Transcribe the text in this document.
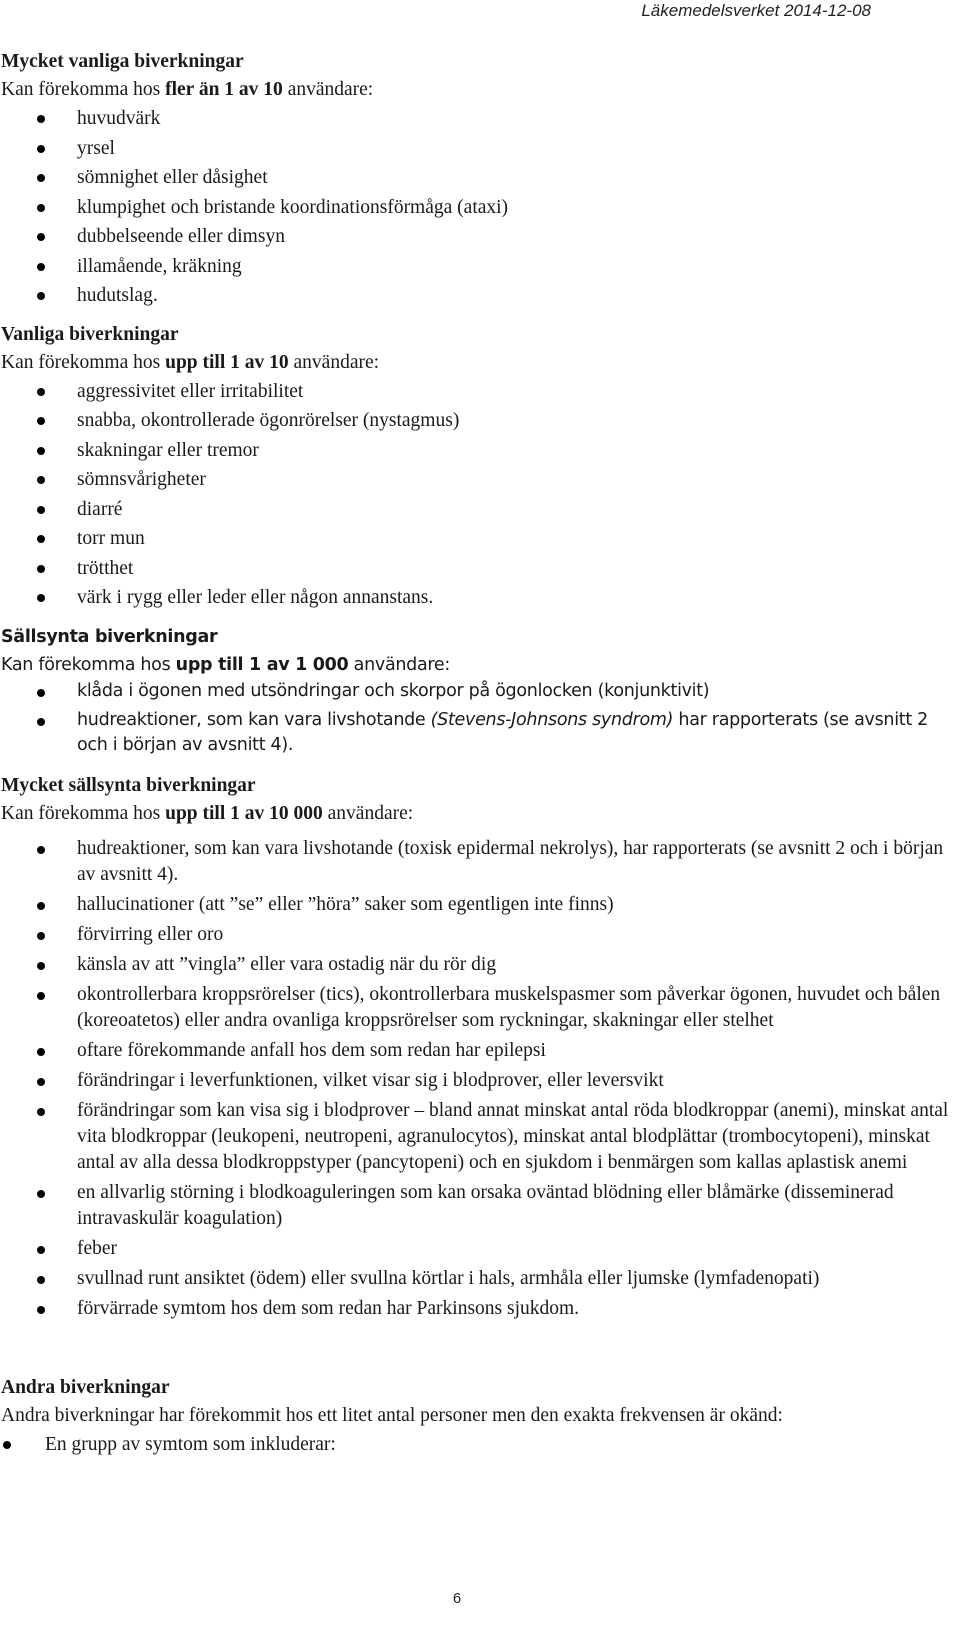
Läkemedelsverket 2014-12-08
Mycket vanliga biverkningar
Kan förekomma hos fler än 1 av 10 användare:
huvudvärk
yrsel
sömnighet eller dåsighet
klumpighet och bristande koordinationsförmåga (ataxi)
dubbelseende eller dimsyn
illamående, kräkning
hudutslag.
Vanliga biverkningar
Kan förekomma hos upp till 1 av 10 användare:
aggressivitet eller irritabilitet
snabba, okontrollerade ögonrörelser (nystagmus)
skakningar eller tremor
sömnsvårigheter
diarré
torr mun
trötthet
värk i rygg eller leder eller någon annanstans.
Sällsynta biverkningar
Kan förekomma hos upp till 1 av 1 000 användare:
klåda i ögonen med utsöndringar och skorpor på ögonlocken (konjunktivit)
hudreaktioner, som kan vara livshotande (Stevens-Johnsons syndrom) har rapporterats (se avsnitt 2 och i början av avsnitt 4).
Mycket sällsynta biverkningar
Kan förekomma hos upp till 1 av 10 000 användare:
hudreaktioner, som kan vara livshotande (toxisk epidermal nekrolys), har rapporterats (se avsnitt 2 och i början av avsnitt 4).
hallucinationer (att ”se” eller ”höra” saker som egentligen inte finns)
förvirring eller oro
känsla av att ”vingla” eller vara ostadig när du rör dig
okontrollerbara kroppsrörelser (tics), okontrollerbara muskelspasmer som påverkar ögonen, huvudet och bålen (koreoatetos) eller andra ovanliga kroppsrörelser som ryckningar, skakningar eller stelhet
oftare förekommande anfall hos dem som redan har epilepsi
förändringar i leverfunktionen, vilket visar sig i blodprover, eller leversvikt
förändringar som kan visa sig i blodprover – bland annat minskat antal röda blodkroppar (anemi), minskat antal vita blodkroppar (leukopeni, neutropeni, agranulocytos), minskat antal blodplättar (trombocytopeni), minskat antal av alla dessa blodkroppstyper (pancytopeni) och en sjukdom i benmärgen som kallas aplastisk anemi
en allvarlig störning i blodkoaguleringen som kan orsaka oväntad blödning eller blåmärke (disseminerad intravaskulär koagulation)
feber
svullnad runt ansiktet (ödem) eller svullna körtlar i hals, armhåla eller ljumske (lymfadenopati)
förvärrade symtom hos dem som redan har Parkinsons sjukdom.
Andra biverkningar
Andra biverkningar har förekommit hos ett litet antal personer men den exakta frekvensen är okänd:
En grupp av symtom som inkluderar:
6
